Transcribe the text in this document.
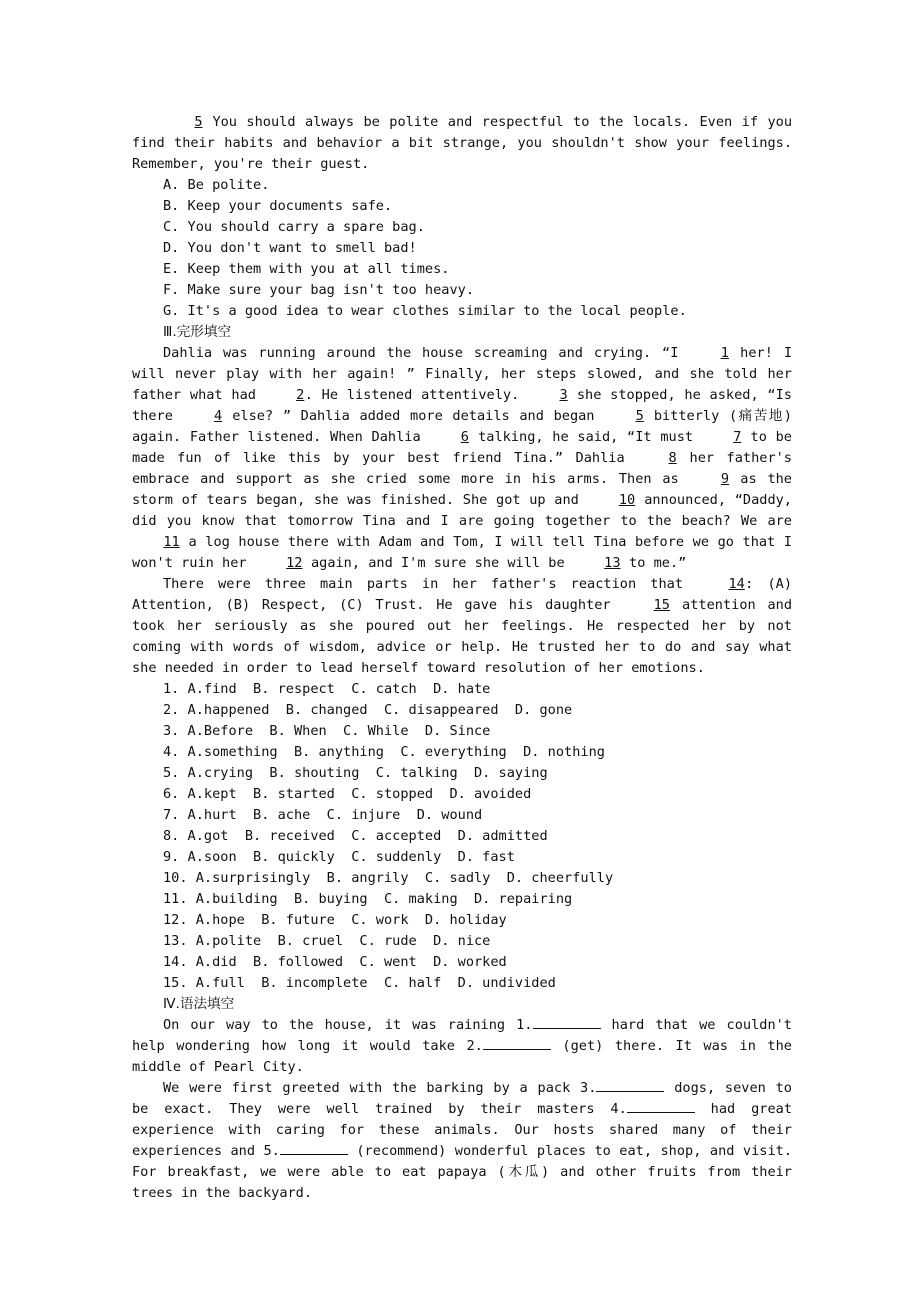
5 You should always be polite and respectful to the locals. Even if you find their habits and behavior a bit strange, you shouldn't show your feelings. Remember, you're their guest.

A. Be polite.
B. Keep your documents safe.
C. You should carry a spare bag.
D. You don't want to smell bad!
E. Keep them with you at all times.
F. Make sure your bag isn't too heavy.
G. It's a good idea to wear clothes similar to the local people.
Ⅲ.完形填空

Dahlia was running around the house screaming and crying. “I 1 her! I will never play with her again! ” Finally, her steps slowed, and she told her father what had 2. He listened attentively. 3 she stopped, he asked, “Is there 4 else? ” Dahlia added more details and began 5 bitterly (痛苦地) again. Father listened. When Dahlia 6 talking, he said, “It must 7 to be made fun of like this by your best friend Tina.” Dahlia 8 her father's embrace and support as she cried some more in his arms. Then as 9 as the storm of tears began, she was finished. She got up and 10 announced, “Daddy, did you know that tomorrow Tina and I are going together to the beach? We are 11 a log house there with Adam and Tom, I will tell Tina before we go that I won't ruin her 12 again, and I'm sure she will be 13 to me.”

There were three main parts in her father's reaction that 14: (A) Attention, (B) Respect, (C) Trust. He gave his daughter 15 attention and took her seriously as she poured out her feelings. He respected her by not coming with words of wisdom, advice or help. He trusted her to do and say what she needed in order to lead herself toward resolution of her emotions.

1. A.find  B. respect  C. catch  D. hate
2. A.happened  B. changed  C. disappeared  D. gone
3. A.Before  B. When  C. While  D. Since
4. A.something  B. anything  C. everything  D. nothing
5. A.crying  B. shouting  C. talking  D. saying
6. A.kept  B. started  C. stopped  D. avoided
7. A.hurt  B. ache  C. injure  D. wound
8. A.got  B. received  C. accepted  D. admitted
9. A.soon  B. quickly  C. suddenly  D. fast
10. A.surprisingly  B. angrily  C. sadly  D. cheerfully
11. A.building  B. buying  C. making  D. repairing
12. A.hope  B. future  C. work  D. holiday
13. A.polite  B. cruel  C. rude  D. nice
14. A.did  B. followed  C. went  D. worked
15. A.full  B. incomplete  C. half  D. undivided
Ⅳ.语法填空

On our way to the house, it was raining 1.	hard that we couldn't help wondering how long it would take 2.	(get) there. It was in the middle of Pearl City.

We were first greeted with the barking by a pack 3.	dogs, seven to be exact. They were well trained by their masters 4.	had great experience with caring for these animals. Our hosts shared many of their experiences and 5.	(recommend) wonderful places to eat, shop, and visit. For breakfast, we were able to eat papaya (木瓜) and other fruits from their trees in the backyard.
